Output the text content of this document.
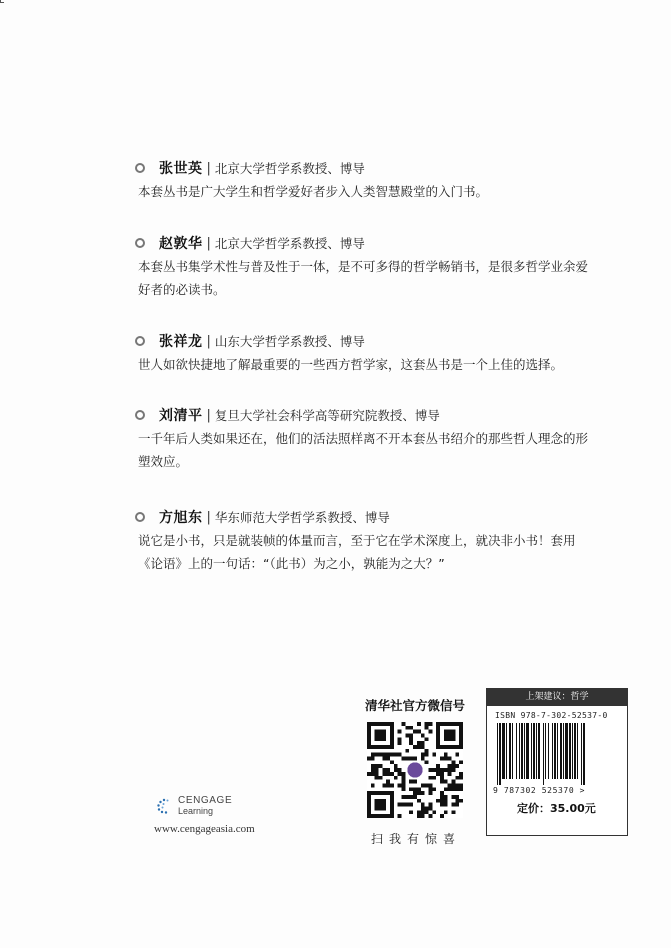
张世英 | 北京大学哲学系教授、博导
本套丛书是广大学生和哲学爱好者步入人类智慧殿堂的入门书。
赵敦华 | 北京大学哲学系教授、博导
本套丛书集学术性与普及性于一体，是不可多得的哲学畅销书，是很多哲学业余爱
好者的必读书。
张祥龙 | 山东大学哲学系教授、博导
世人如欲快捷地了解最重要的一些西方哲学家，这套丛书是一个上佳的选择。
刘清平 | 复旦大学社会科学高等研究院教授、博导
一千年后人类如果还在，他们的活法照样离不开本套丛书绍介的那些哲人理念的形
塑效应。
方旭东 | 华东师范大学哲学系教授、博导
说它是小书，只是就装帧的体量而言，至于它在学术深度上，就决非小书！套用
《论语》上的一句话：“（此书）为之小，孰能为之大？”
CENGAGE
Learning
www.cengageasia.com
清华社官方微信号
扫我有惊喜
上架建议：哲学
ISBN 978-7-302-52537-0
9 787302 525370 >
定价：35.00元
